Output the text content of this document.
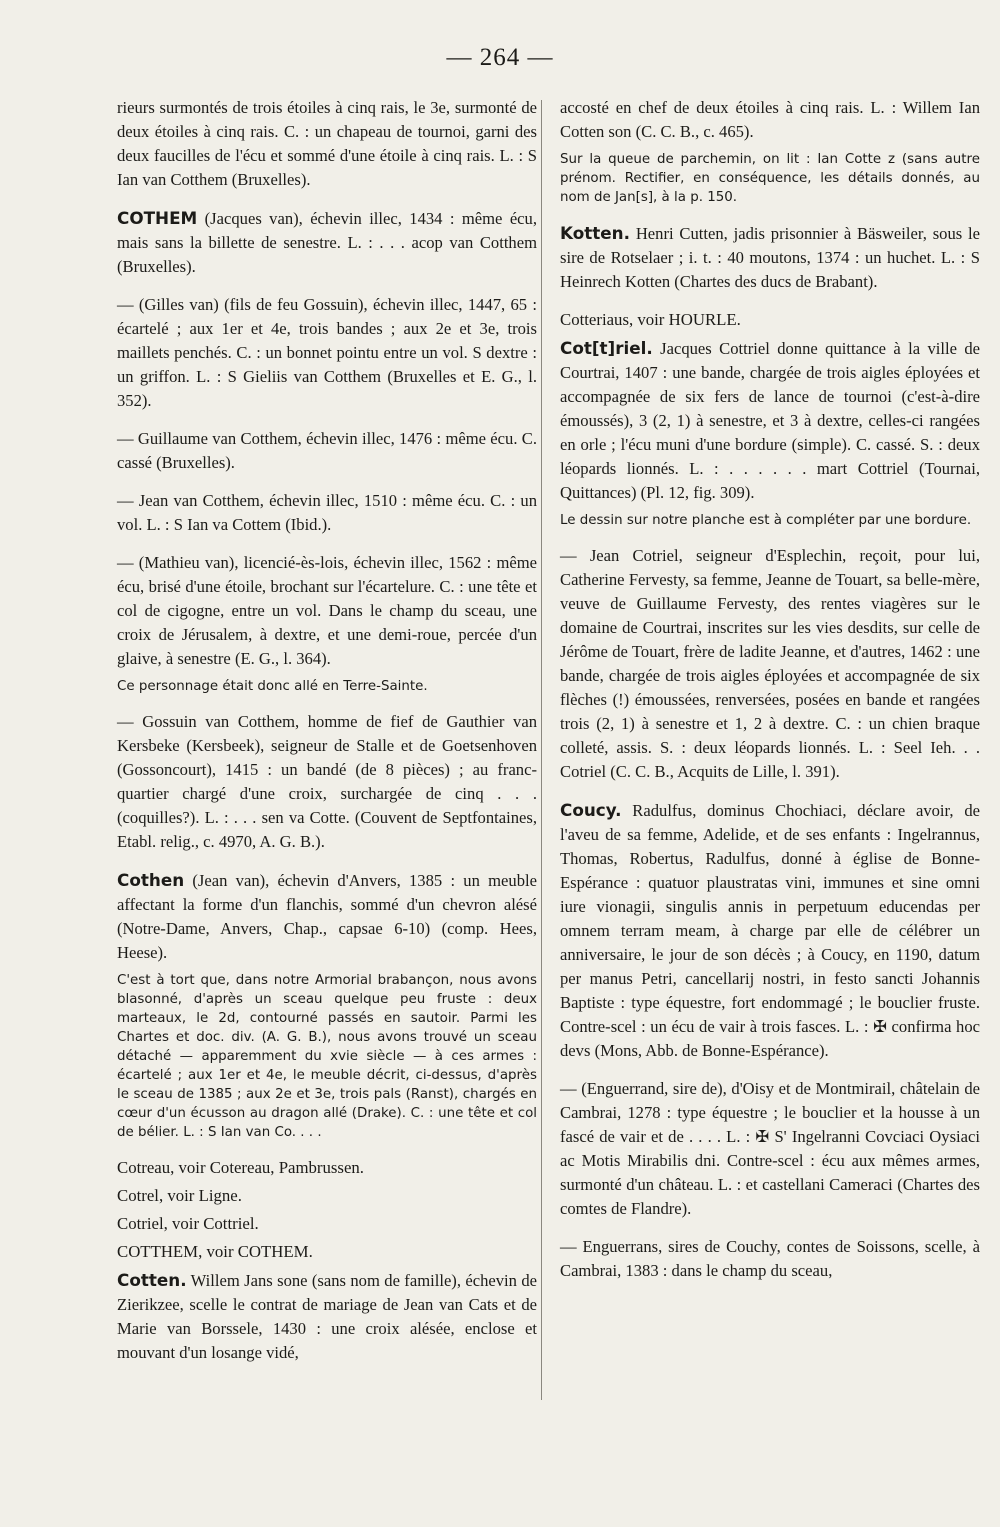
— 264 —

rieurs surmontés de trois étoiles à cinq rais, le 3e, surmonté de deux étoiles à cinq rais. C. : un chapeau de tournoi, garni des deux faucilles de l'écu et sommé d'une étoile à cinq rais. L. : S Ian van Cotthem (Bruxelles).

COTHEM (Jacques van), échevin illec, 1434 : même écu, mais sans la billette de senestre. L. : . . . acop van Cotthem (Bruxelles).

— (Gilles van) (fils de feu Gossuin), échevin illec, 1447, 65 : écartelé ; aux 1er et 4e, trois bandes ; aux 2e et 3e, trois maillets penchés. C. : un bonnet pointu entre un vol. S dextre : un griffon. L. : S Gieliis van Cotthem (Bruxelles et E. G., l. 352).

— Guillaume van Cotthem, échevin illec, 1476 : même écu. C. cassé (Bruxelles).

— Jean van Cotthem, échevin illec, 1510 : même écu. C. : un vol. L. : S Ian va Cottem (Ibid.).

— (Mathieu van), licencié-ès-lois, échevin illec, 1562 : même écu, brisé d'une étoile, brochant sur l'écartelure. C. : une tête et col de cigogne, entre un vol. Dans le champ du sceau, une croix de Jérusalem, à dextre, et une demi-roue, percée d'un glaive, à senestre (E. G., l. 364).

Ce personnage était donc allé en Terre-Sainte.

— Gossuin van Cotthem, homme de fief de Gauthier van Kersbeke (Kersbeek), seigneur de Stalle et de Goetsenhoven (Gossoncourt), 1415 : un bandé (de 8 pièces) ; au franc-quartier chargé d'une croix, surchargée de cinq . . . (coquilles?). L. : . . . sen va Cotte. (Couvent de Septfontaines, Etabl. relig., c. 4970, A. G. B.).

Cothen (Jean van), échevin d'Anvers, 1385 : un meuble affectant la forme d'un flanchis, sommé d'un chevron alésé (Notre-Dame, Anvers, Chap., capsae 6-10) (comp. Hees, Heese).

C'est à tort que, dans notre Armorial brabançon, nous avons blasonné, d'après un sceau quelque peu fruste : deux marteaux, le 2d, contourné passés en sautoir. Parmi les Chartes et doc. div. (A. G. B.), nous avons trouvé un sceau détaché — apparemment du xvie siècle — à ces armes : écartelé ; aux 1er et 4e, le meuble décrit, ci-dessus, d'après le sceau de 1385 ; aux 2e et 3e, trois pals (Ranst), chargés en cœur d'un écusson au dragon allé (Drake). C. : une tête et col de bélier. L. : S Ian van Co. . . .

Cotreau, voir Cotereau, Pambrussen.
Cotrel, voir Ligne.
Cotriel, voir Cottriel.
COTTHEM, voir COTHEM.

Cotten. Willem Jans sone (sans nom de famille), échevin de Zierikzee, scelle le contrat de mariage de Jean van Cats et de Marie van Borssele, 1430 : une croix alésée, enclose et mouvant d'un losange vidé,

accosté en chef de deux étoiles à cinq rais. L. : Willem Ian Cotten son (C. C. B., c. 465).

Sur la queue de parchemin, on lit : Ian Cotte z (sans autre prénom. Rectifier, en conséquence, les détails donnés, au nom de Jan[s], à la p. 150.

Kotten. Henri Cutten, jadis prisonnier à Bäsweiler, sous le sire de Rotselaer ; i. t. : 40 moutons, 1374 : un huchet. L. : S Heinrech Kotten (Chartes des ducs de Brabant).

Cotteriaus, voir HOURLE.

Cot[t]riel. Jacques Cottriel donne quittance à la ville de Courtrai, 1407 : une bande, chargée de trois aigles éployées et accompagnée de six fers de lance de tournoi (c'est-à-dire émoussés), 3 (2, 1) à senestre, et 3 à dextre, celles-ci rangées en orle ; l'écu muni d'une bordure (simple). C. cassé. S. : deux léopards lionnés. L. : . . . . . . mart Cottriel (Tournai, Quittances) (Pl. 12, fig. 309).

Le dessin sur notre planche est à compléter par une bordure.

— Jean Cotriel, seigneur d'Esplechin, reçoit, pour lui, Catherine Fervesty, sa femme, Jeanne de Touart, sa belle-mère, veuve de Guillaume Fervesty, des rentes viagères sur le domaine de Courtrai, inscrites sur les vies desdits, sur celle de Jérôme de Touart, frère de ladite Jeanne, et d'autres, 1462 : une bande, chargée de trois aigles éployées et accompagnée de six flèches (!) émoussées, renversées, posées en bande et rangées trois (2, 1) à senestre et 1, 2 à dextre. C. : un chien braque colleté, assis. S. : deux léopards lionnés. L. : Seel Ieh. . . Cotriel (C. C. B., Acquits de Lille, l. 391).

Coucy. Radulfus, dominus Chochiaci, déclare avoir, de l'aveu de sa femme, Adelide, et de ses enfants : Ingelrannus, Thomas, Robertus, Radulfus, donné à église de Bonne-Espérance : quatuor plaustratas vini, immunes et sine omni iure vionagii, singulis annis in perpetuum educendas per omnem terram meam, à charge par elle de célébrer un anniversaire, le jour de son décès ; à Coucy, en 1190, datum per manus Petri, cancellarij nostri, in festo sancti Johannis Baptiste : type équestre, fort endommagé ; le bouclier fruste. Contre-scel : un écu de vair à trois fasces. L. : ✠ confirma hoc devs (Mons, Abb. de Bonne-Espérance).

— (Enguerrand, sire de), d'Oisy et de Montmirail, châtelain de Cambrai, 1278 : type équestre ; le bouclier et la housse à un fascé de vair et de . . . . L. : ✠ S' Ingelranni Covciaci Oysiaci ac Motis Mirabilis dni. Contre-scel : écu aux mêmes armes, surmonté d'un château. L. : et castellani Cameraci (Chartes des comtes de Flandre).

— Enguerrans, sires de Couchy, contes de Soissons, scelle, à Cambrai, 1383 : dans le champ du sceau,
